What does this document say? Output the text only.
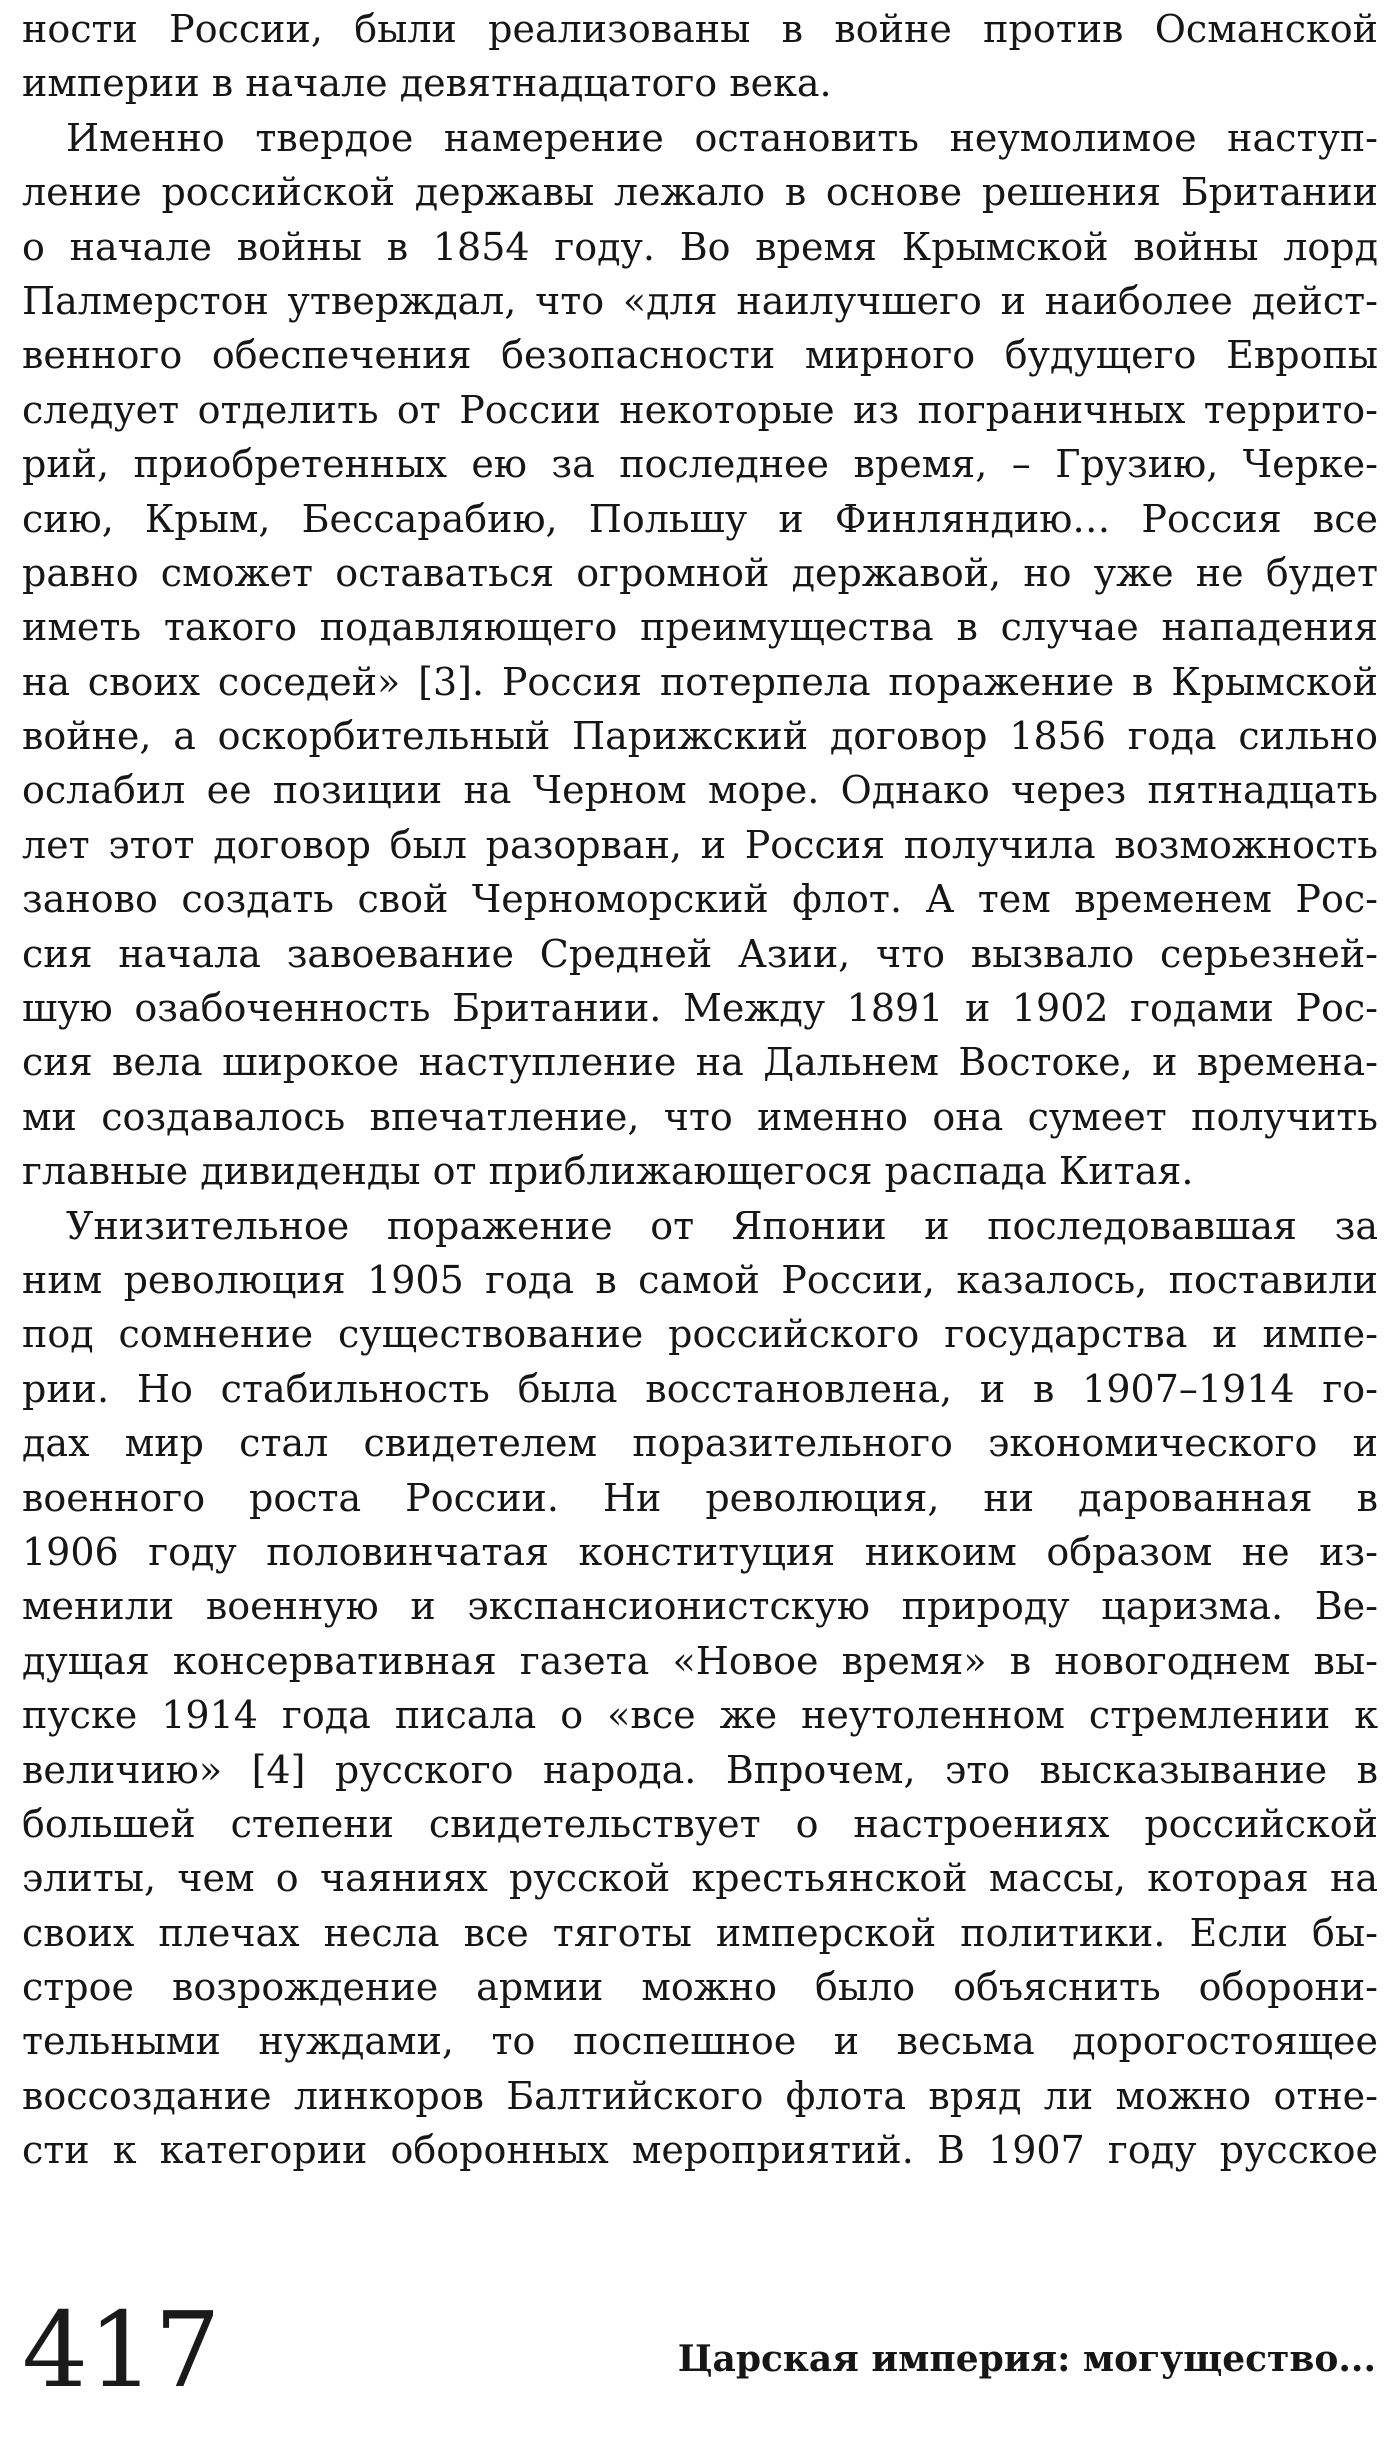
ности России, были реализованы в войне против Османской
империи в начале девятнадцатого века.
Именно твердое намерение остановить неумолимое наступ-
ление российской державы лежало в основе решения Британии
о начале войны в 1854 году. Во время Крымской войны лорд
Палмерстон утверждал, что «для наилучшего и наиболее дейст-
венного обеспечения безопасности мирного будущего Европы
следует отделить от России некоторые из пограничных террито-
рий, приобретенных ею за последнее время, – Грузию, Черке-
сию, Крым, Бессарабию, Польшу и Финляндию… Россия все
равно сможет оставаться огромной державой, но уже не будет
иметь такого подавляющего преимущества в случае нападения
на своих соседей» [3]. Россия потерпела поражение в Крымской
войне, а оскорбительный Парижский договор 1856 года сильно
ослабил ее позиции на Черном море. Однако через пятнадцать
лет этот договор был разорван, и Россия получила возможность
заново создать свой Черноморский флот. А тем временем Рос-
сия начала завоевание Средней Азии, что вызвало серьезней-
шую озабоченность Британии. Между 1891 и 1902 годами Рос-
сия вела широкое наступление на Дальнем Востоке, и времена-
ми создавалось впечатление, что именно она сумеет получить
главные дивиденды от приближающегося распада Китая.
Унизительное поражение от Японии и последовавшая за
ним революция 1905 года в самой России, казалось, поставили
под сомнение существование российского государства и импе-
рии. Но стабильность была восстановлена, и в 1907–1914 го-
дах мир стал свидетелем поразительного экономического и
военного роста России. Ни революция, ни дарованная в
1906 году половинчатая конституция никоим образом не из-
менили военную и экспансионистскую природу царизма. Ве-
дущая консервативная газета «Новое время» в новогоднем вы-
пуске 1914 года писала о «все же неутоленном стремлении к
величию» [4] русского народа. Впрочем, это высказывание в
большей степени свидетельствует о настроениях российской
элиты, чем о чаяниях русской крестьянской массы, которая на
своих плечах несла все тяготы имперской политики. Если бы-
строе возрождение армии можно было объяснить оборони-
тельными нуждами, то поспешное и весьма дорогостоящее
воссоздание линкоров Балтийского флота вряд ли можно отне-
сти к категории оборонных мероприятий. В 1907 году русское
417	Царская империя: могущество...
